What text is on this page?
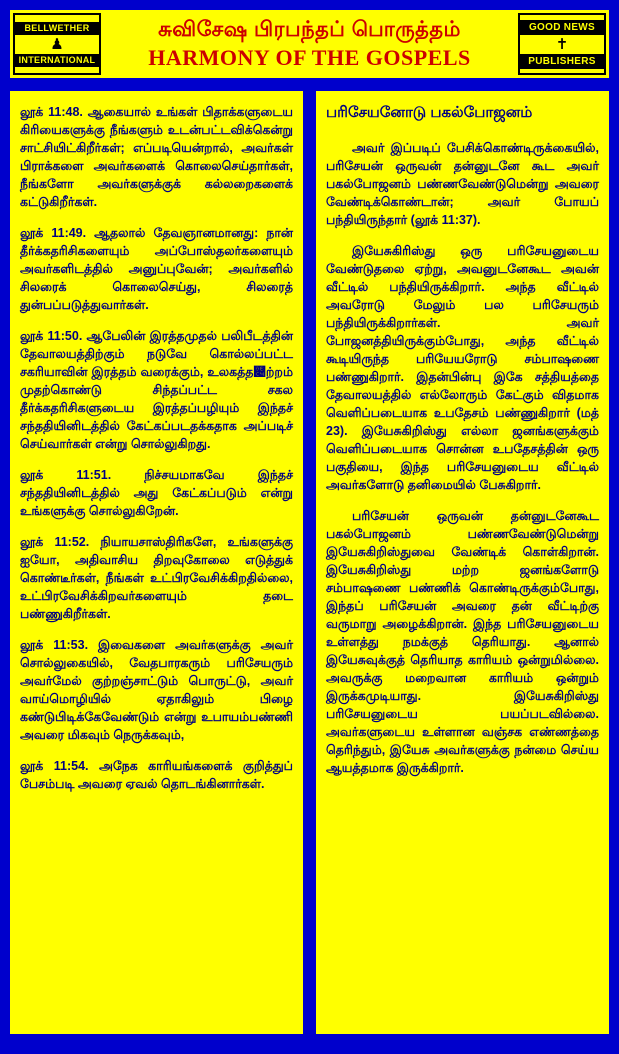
BELLWETHER
♟
INTERNATIONAL
சுவிசேஷ பிரபந்தப் பொருத்தம்
HARMONY OF THE GOSPELS
GOOD NEWS
✝
PUBLISHERS

லூக் 11:48. ஆகையால் உங்கள் பிதாக்களுடைய கிரியைகளுக்கு நீங்களும் உடன்பட்டவிக்கென்று சாட்சியிட்கிறீர்கள்; எப்படியென்றால், அவர்கள் பிராக்களை அவர்களைக் கொலைசெய்தார்கள், நீங்களோ அவர்களுக்குக் கல்லறைகளைக் கட்டுகிறீர்கள்.

லூக் 11:49. ஆதலால் தேவஞானமானது: நான் தீர்க்கதரிசிகளையும் அப்போஸ்தலர்களையும் அவர்களிடத்தில் அனுப்புவேன்; அவர்களில் சிலரைக் கொலைசெய்து, சிலரைத் துன்பப்படுத்துவார்கள்.

லூக் 11:50. ஆபேலின் இரத்தமுதல் பலிபீடத்தின் தேவாலயத்திற்கும் நடுவே கொல்லப்பட்ட சகரியாவின் இரத்தம் வரைக்கும், உலகத்த௄ற்றம் முதற்கொண்டு சிந்தப்பட்ட சகல தீர்க்கதரிசிகளுடைய இரத்தப்பழியும் இந்தச் சந்ததியினிடத்தில் கேட்கப்படதக்கதாக அப்படிச் செய்வார்கள் என்று சொல்லுகிறது.

லூக் 11:51. நிச்சயமாகவே இந்தச் சந்ததியினிடத்தில் அது கேட்கப்படும் என்று உங்களுக்கு சொல்லுகிறேன்.

லூக் 11:52. நியாயசாஸ்திரிகளே, உங்களுக்கு ஐயோ, அதிவாசிய திறவுகோலை எடுத்துக் கொண்டீர்கள், நீங்கள் உட்பிரவேசிக்கிறதில்லை, உட்பிரவேசிக்கிறவர்களையும் தடை பண்ணுகிறீர்கள்.

லூக் 11:53. இவைகளை அவர்களுக்கு அவர் சொல்லுகையில், வேதபாரகரும் பரிசேயரும் அவர்மேல் குற்றஞ்சாட்டும் பொருட்டு, அவர் வாய்மொழியில் ஏதாகிலும் பிழை கண்டுபிடிக்கேவேண்டும் என்று உபாயம்பண்ணி அவரை மிகவும் நெருக்கவும்,

லூக் 11:54. அநேக காரியங்களைக் குறித்துப் பேசம்படி அவரை ஏவல் தொடங்கினார்கள்.

பரிசேயனோடு பகல்போஜனம்

அவர் இப்படிப் பேசிக்கொண்டிருக்கையில், பரிசேயன் ஒருவன் தன்னுடனே கூட அவர் பகல்போஜனம் பண்ணவேண்டுமென்று அவரை வேண்டிக்கொண்டான்; அவர் போயப் பந்தியிருந்தார் (லூக் 11:37).

இயேசுகிரிஸ்து ஒரு பரிசேயனுடைய வேண்டுதலை ஏற்று, அவனுடனேகூட அவன் வீட்டில் பந்தியிருக்கிறார். அந்த வீட்டில் அவரோடு மேலும் பல பரிசேயரும் பந்தியிருக்கிறார்கள். அவர் போஜனத்தியிருக்கும்போது, அந்த வீட்டில் கூடியிருந்த பரியேயரோடு சம்பாஷணை பண்ணுகிறார். இதன்பின்பு இகே சத்தியத்தை தேவாலயத்தில் எல்லோரும் கேட்கும் விதமாக வெளிப்படையாக உபதேசம் பண்ணுகிறார் (மத் 23). இயேசுகிறிஸ்து எல்லா ஜனங்களுக்கும் வெளிப்படையாக சொன்ன உபதேசத்தின் ஒரு பகுதியை, இந்த பரிசேயனுடைய வீட்டில் அவர்களோடு தனிமையில் பேசுகிறார்.

பரிசேயன் ஒருவன் தன்னுடனேகூட பகல்போஜனம் பண்ணவேண்டுமென்று இயேசுகிறிஸ்துவை வேண்டிக் கொள்கிறான். இயேசுகிறிஸ்து மற்ற ஜனங்களோடு சம்பாஷணை பண்ணிக் கொண்டிருக்கும்போது, இந்தப் பரிசேயன் அவரை தன் வீட்டிற்கு வருமாறு அழைக்கிறான். இந்த பரிசேயனுடைய உள்ளத்து நமக்குத் தெரியாது. ஆனால் இயேசுவுக்குத் தெரியாத காரியம் ஒன்றுமில்லை. அவருக்கு மறைவான காரியம் ஒன்றும் இருக்கமுடியாது. இயேசுகிறிஸ்து பரிசேயனுடைய பயப்படவில்லை. அவர்களுடைய உள்ளான வஞ்சக எண்ணத்தை தெரிந்தும், இயேசு அவர்களுக்கு நன்மை செய்ய ஆயத்தமாக இருக்கிறார்.
